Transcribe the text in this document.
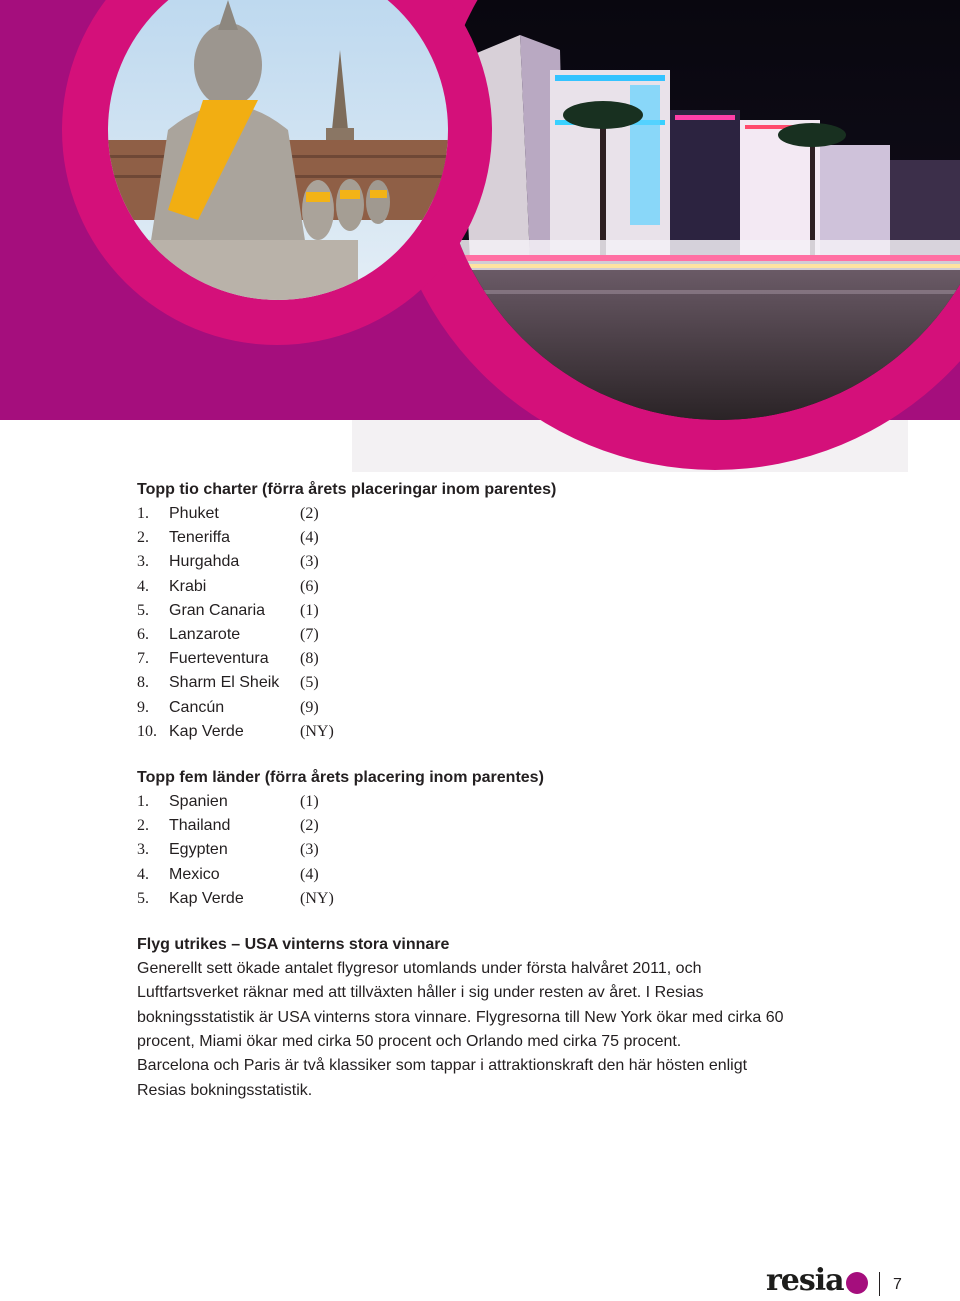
Topp tio charter (förra årets placeringar inom parentes)
1.	Phuket	(2)
2.	Teneriffa	(4)
3.	Hurgahda	(3)
4.	Krabi	(6)
5.	Gran Canaria	(1)
6.	Lanzarote	(7)
7.	Fuerteventura	(8)
8.	Sharm El Sheik	(5)
9.	Cancún	(9)
10. Kap Verde	(NY)
Topp fem länder (förra årets placering inom parentes)
1.	Spanien	(1)
2.	Thailand	(2)
3.	Egypten	(3)
4.	Mexico	(4)
5.	Kap Verde	(NY)
Flyg utrikes – USA vinterns stora vinnare

Generellt sett ökade antalet flygresor utomlands under första halvåret 2011, och
Luftfartsverket räknar med att tillväxten håller i sig under resten av året. I Resias
bokningsstatistik är USA vinterns stora vinnare. Flygresorna till New York ökar med cirka 60
procent, Miami ökar med cirka 50 procent och Orlando med cirka 75 procent.
Barcelona och Paris är två klassiker som tappar i attraktionskraft den här hösten enligt
Resias bokningsstatistik.

resia	7
